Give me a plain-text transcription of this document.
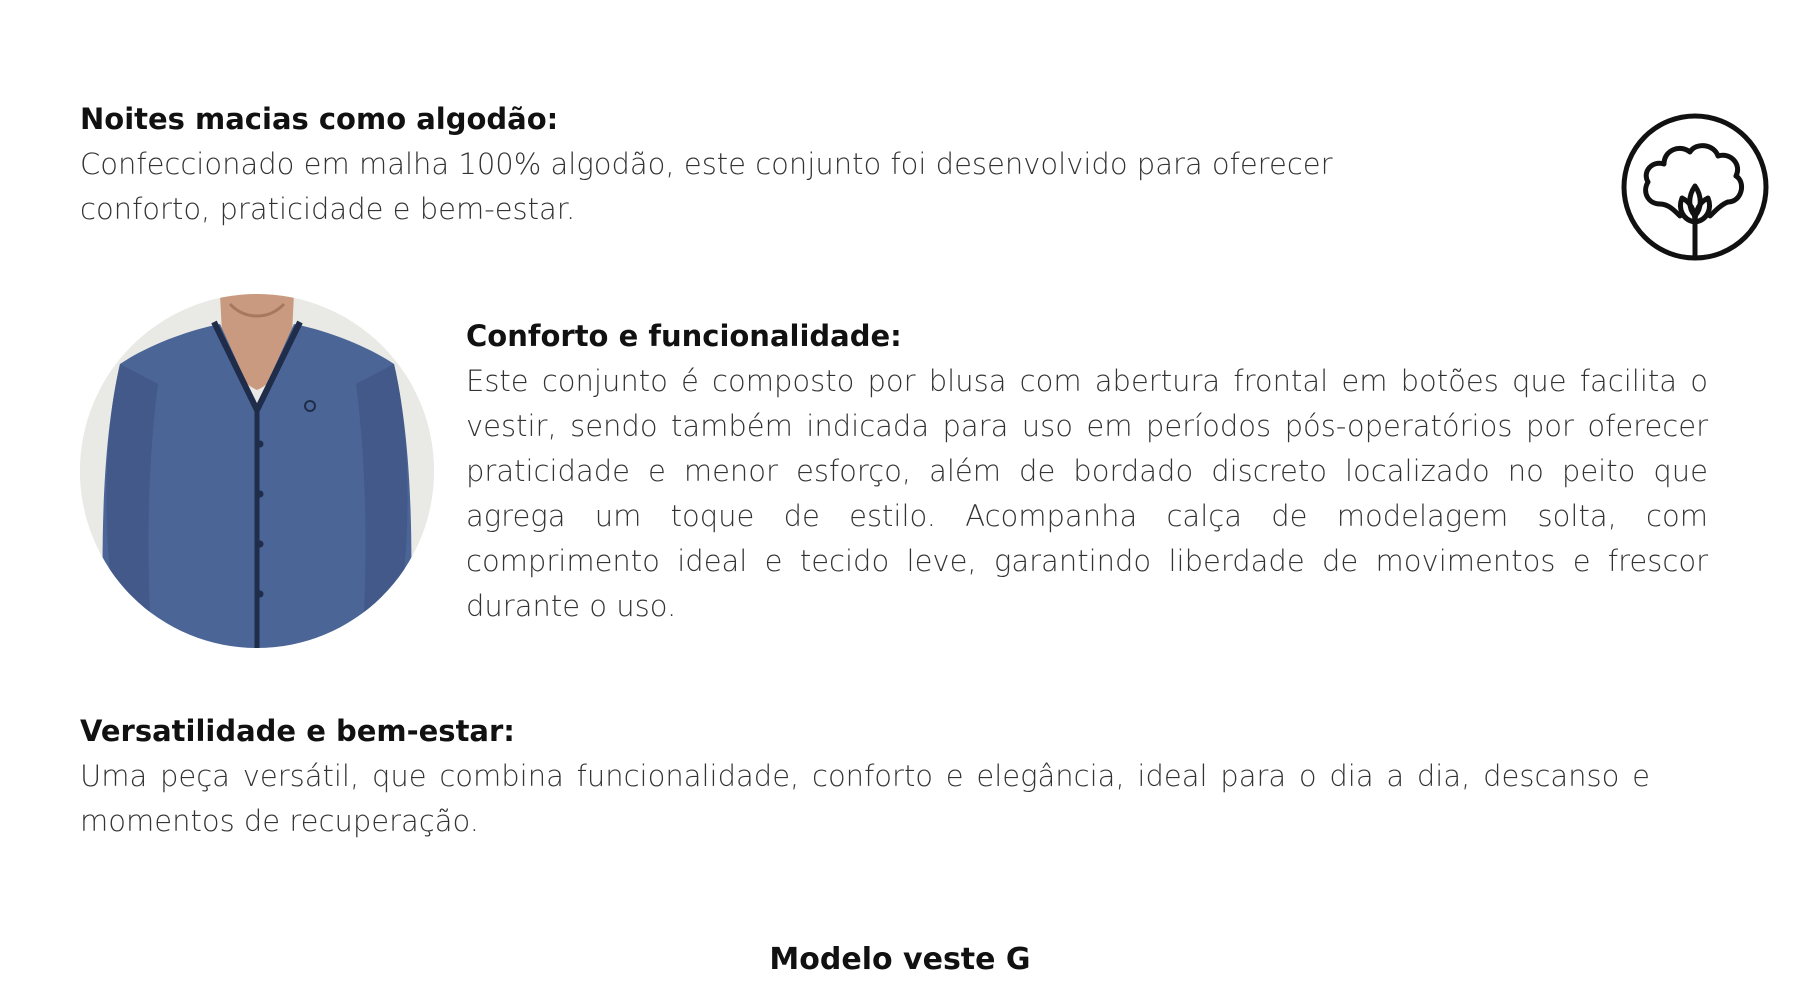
Noites macias como algodão:

Confeccionado em malha 100% algodão, este conjunto foi desenvolvido para oferecer conforto, praticidade e bem-estar.

Conforto e funcionalidade:

Este conjunto é composto por blusa com abertura frontal em botões que facilita o vestir, sendo também indicada para uso em períodos pós-operatórios por oferecer praticidade e menor esforço, além de bordado discreto localizado no peito que agrega um toque de estilo. Acompanha calça de modelagem solta, com comprimento ideal e tecido leve, garantindo liberdade de movimentos e frescor durante o uso.

Versatilidade e bem-estar:

Uma peça versátil, que combina funcionalidade, conforto e elegância, ideal para o dia a dia, descanso e momentos de recuperação.

Modelo veste G
